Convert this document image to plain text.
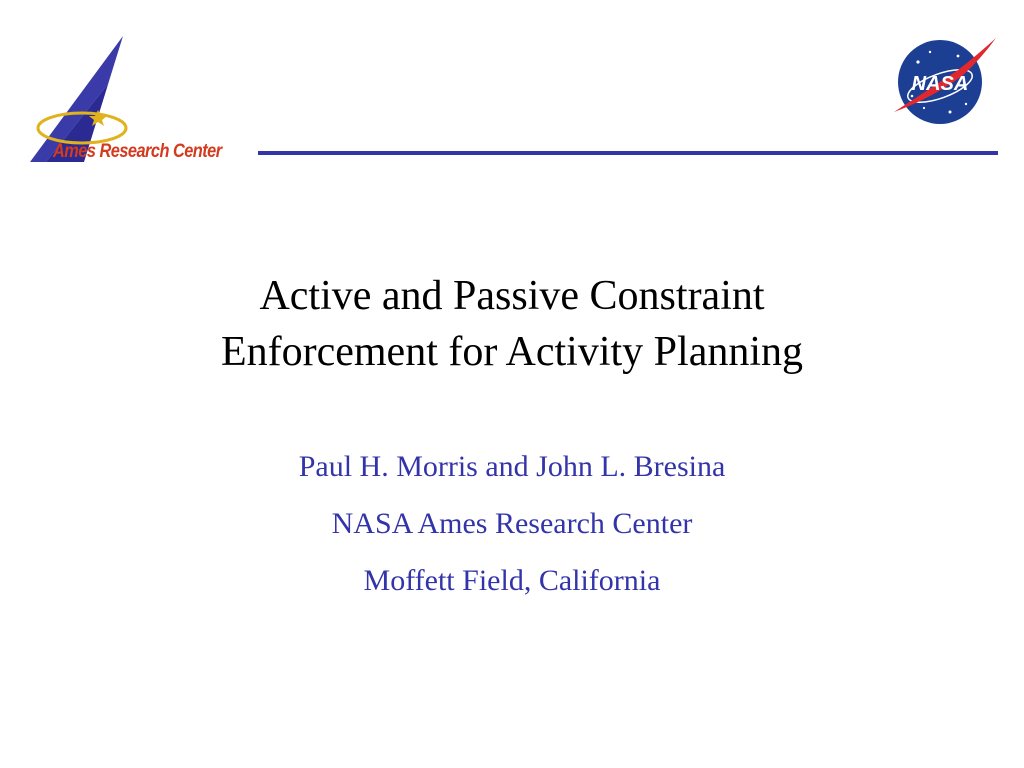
Ames Research Center
NASA
Active and Passive Constraint
Enforcement for Activity Planning
Paul H. Morris and John L. Bresina
NASA Ames Research Center
Moffett Field, California
